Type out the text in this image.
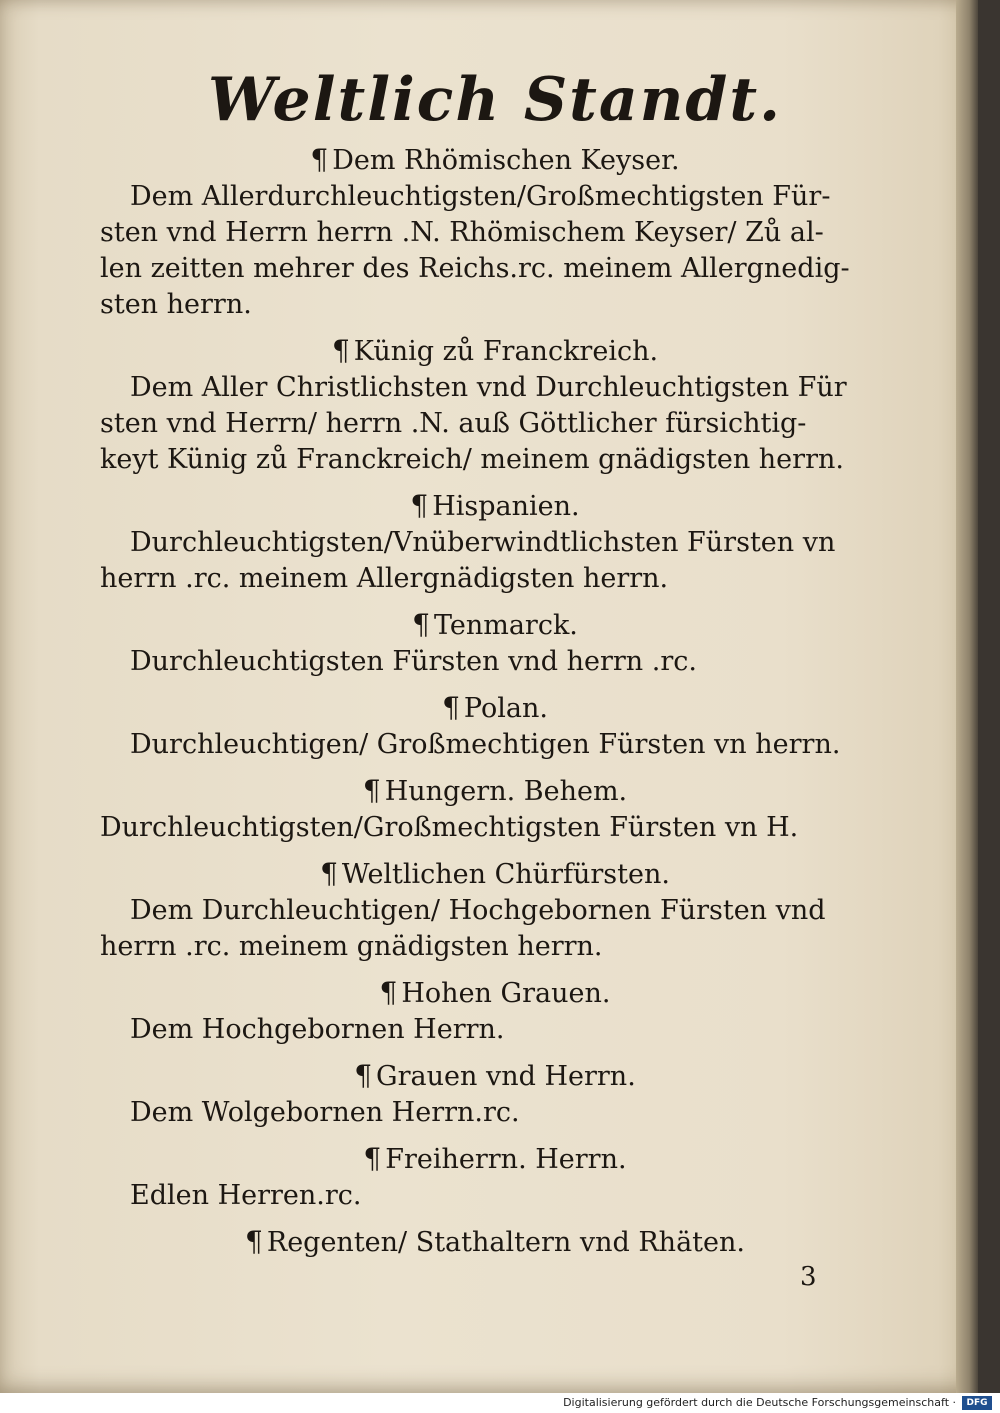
Weltlich Standt.

¶ Dem Rhömischen Keyser.

Dem Allerdurchleuchtigsten/Großmechtigsten Für-

sten vnd Herrn herrn .N. Rhömischem Keyser/ Zů al-

len zeitten mehrer des Reichs.rc. meinem Allergnedig-

sten herrn.

¶ Künig zů Franckreich.

Dem Aller Christlichsten vnd Durchleuchtigsten Für

sten vnd Herrn/ herrn .N. auß Göttlicher fürsichtig-

keyt Künig zů Franckreich/ meinem gnädigsten herrn.

¶ Hispanien.

Durchleuchtigsten/Vnüberwindtlichsten Fürsten vn

herrn .rc. meinem Allergnädigsten herrn.

¶ Tenmarck.

Durchleuchtigsten Fürsten vnd herrn .rc.

¶ Polan.

Durchleuchtigen/ Großmechtigen Fürsten vn herrn.

¶ Hungern. Behem.

Durchleuchtigsten/Großmechtigsten Fürsten vn H.

¶ Weltlichen Chürfürsten.

Dem Durchleuchtigen/ Hochgebornen Fürsten vnd

herrn .rc. meinem gnädigsten herrn.

¶ Hohen Grauen.

Dem Hochgebornen Herrn.

¶ Grauen vnd Herrn.

Dem Wolgebornen Herrn.rc.

¶ Freiherrn. Herrn.

Edlen Herren.rc.

¶ Regenten/ Stathaltern vnd Rhäten.

3
Digitalisierung gefördert durch die Deutsche Forschungsgemeinschaft ·	DFG
